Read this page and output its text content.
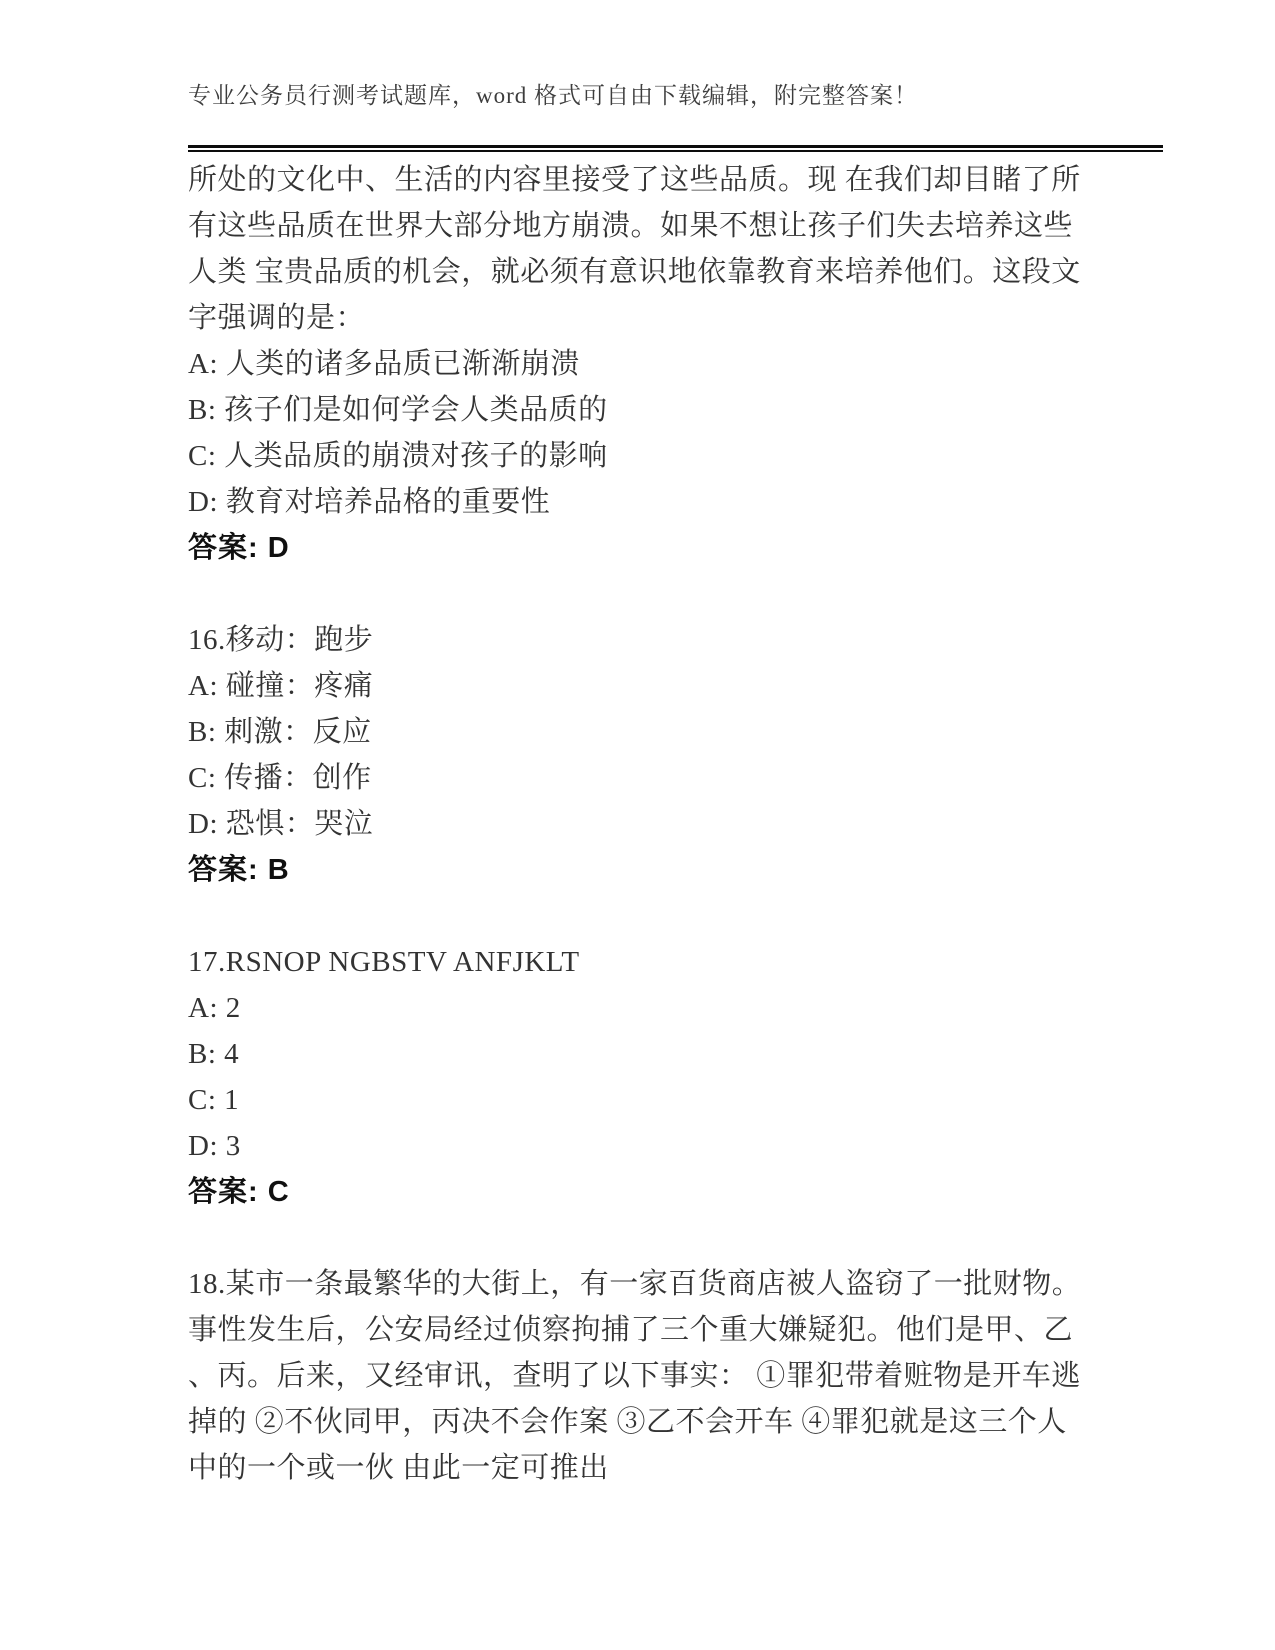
专业公务员行测考试题库，word 格式可自由下载编辑，附完整答案！
所处的文化中、生活的内容里接受了这些品质。现 在我们却目睹了所
有这些品质在世界大部分地方崩溃。如果不想让孩子们失去培养这些
人类 宝贵品质的机会，就必须有意识地依靠教育来培养他们。这段文
字强调的是：
A: 人类的诸多品质已渐渐崩溃
B: 孩子们是如何学会人类品质的
C: 人类品质的崩溃对孩子的影响
D: 教育对培养品格的重要性
答案: D
16.移动：跑步
A: 碰撞：疼痛
B: 刺激：反应
C: 传播：创作
D: 恐惧：哭泣
答案: B
17.RSNOP NGBSTV ANFJKLT
A: 2
B: 4
C: 1
D: 3
答案: C
18.某市一条最繁华的大街上，有一家百货商店被人盗窃了一批财物。
事性发生后，公安局经过侦察拘捕了三个重大嫌疑犯。他们是甲、乙
、丙。后来，又经审讯，查明了以下事实： ①罪犯带着赃物是开车逃
掉的 ②不伙同甲，丙决不会作案 ③乙不会开车 ④罪犯就是这三个人
中的一个或一伙 由此一定可推出
